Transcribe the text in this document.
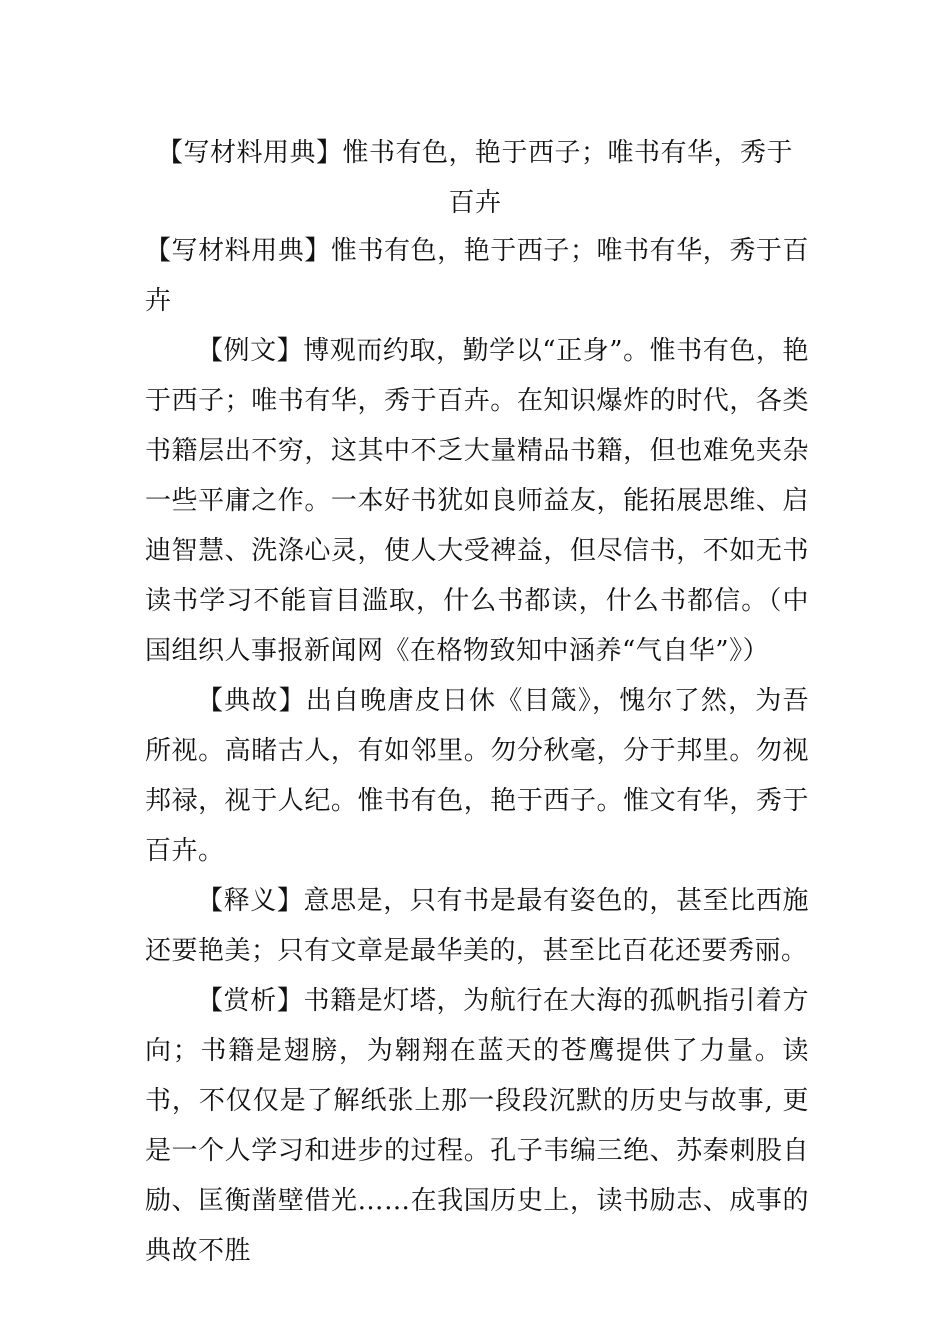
【写材料用典】惟书有色，艳于西子；唯书有华，秀于百卉

【写材料用典】惟书有色，艳于西子；唯书有华，秀于百卉

【例文】博观而约取，勤学以“正身”。惟书有色，艳于西子；唯书有华，秀于百卉。在知识爆炸的时代，各类书籍层出不穷，这其中不乏大量精品书籍，但也难免夹杂一些平庸之作。一本好书犹如良师益友，能拓展思维、启迪智慧、洗涤心灵，使人大受裨益，但尽信书，不如无书读书学习不能盲目滥取，什么书都读，什么书都信。（中国组织人事报新闻网《在格物致知中涵养“气自华”》）

【典故】出自晚唐皮日休《目箴》，愧尔了然，为吾所视。高睹古人，有如邻里。勿分秋毫，分于邦里。勿视邦禄，视于人纪。惟书有色，艳于西子。惟文有华，秀于百卉。

【释义】意思是，只有书是最有姿色的，甚至比西施还要艳美；只有文章是最华美的，甚至比百花还要秀丽。

【赏析】书籍是灯塔，为航行在大海的孤帆指引着方向；书籍是翅膀，为翱翔在蓝天的苍鹰提供了力量。读书，不仅仅是了解纸张上那一段段沉默的历史与故事, 更是一个人学习和进步的过程。孔子韦编三绝、苏秦刺股自励、匡衡凿壁借光……在我国历史上，读书励志、成事的典故不胜
